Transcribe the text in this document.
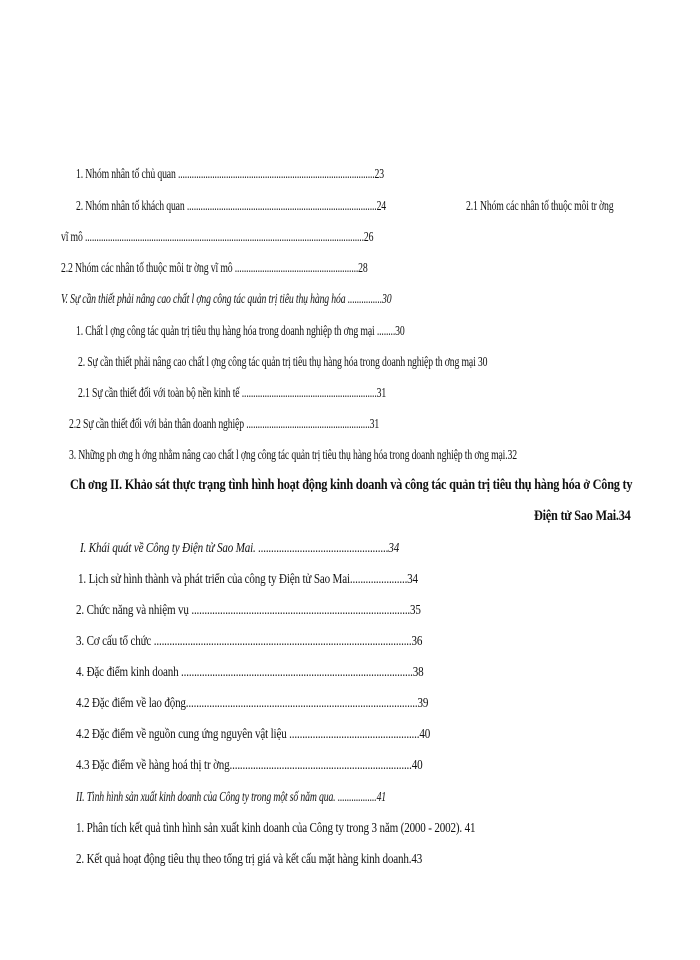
1. Nhóm nhân tố chủ quan ......................................................................................23
2. Nhóm nhân tố khách quan ...................................................................................24	2.1 Nhóm các nhân tố thuộc môi tr ờng
vĩ mô ..........................................................................................................................26
2.2 Nhóm các nhân tố thuộc môi tr ờng vĩ mô ......................................................28
V. Sự cần thiết phải nâng cao chất l ợng công tác quản trị tiêu thụ hàng hóa ...............30
1. Chất l ợng công tác quản trị tiêu thụ hàng hóa trong doanh nghiệp th ơng mại ........30
2. Sự cần thiết phải nâng cao chất l ợng công tác quản trị tiêu thụ hàng hóa trong doanh nghiệp th ơng mại 30
2.1 Sự cần thiết đối với toàn bộ nền kinh tế ...........................................................31
2.2 Sự cần thiết đối với bản thân doanh nghiệp ......................................................31
3. Những ph ơng h ớng nhằm nâng cao chất l ợng công tác quản trị tiêu thụ hàng hóa trong doanh nghiệp th ơng mại.32
Ch ơng II. Khảo sát thực trạng tình hình hoạt động kinh doanh và công tác quản trị tiêu thụ hàng hóa ở Công ty
Điện tử Sao Mai.34
I. Khái quát về Công ty Điện tử Sao Mai. ..................................................34
1. Lịch sử hình thành và phát triển của công ty Điện tử Sao Mai......................34
2. Chức năng và nhiệm vụ ....................................................................................35
3. Cơ cấu tổ chức ...................................................................................................36
4. Đặc điểm kinh doanh .........................................................................................38
4.2 Đặc điểm về lao động.........................................................................................39
4.2 Đặc điểm về nguồn cung ứng nguyên vật liệu ..................................................40
4.3 Đặc điểm về hàng hoá thị tr ờng......................................................................40
II. Tình hình sản xuất kinh doanh của Công ty trong một số năm qua. .................41
1. Phân tích kết quả tình hình sản xuất kinh doanh của Công ty trong 3 năm (2000 - 2002). 41
2. Kết quả hoạt động tiêu thụ theo tổng trị giá và kết cấu mặt hàng kinh doanh.43
